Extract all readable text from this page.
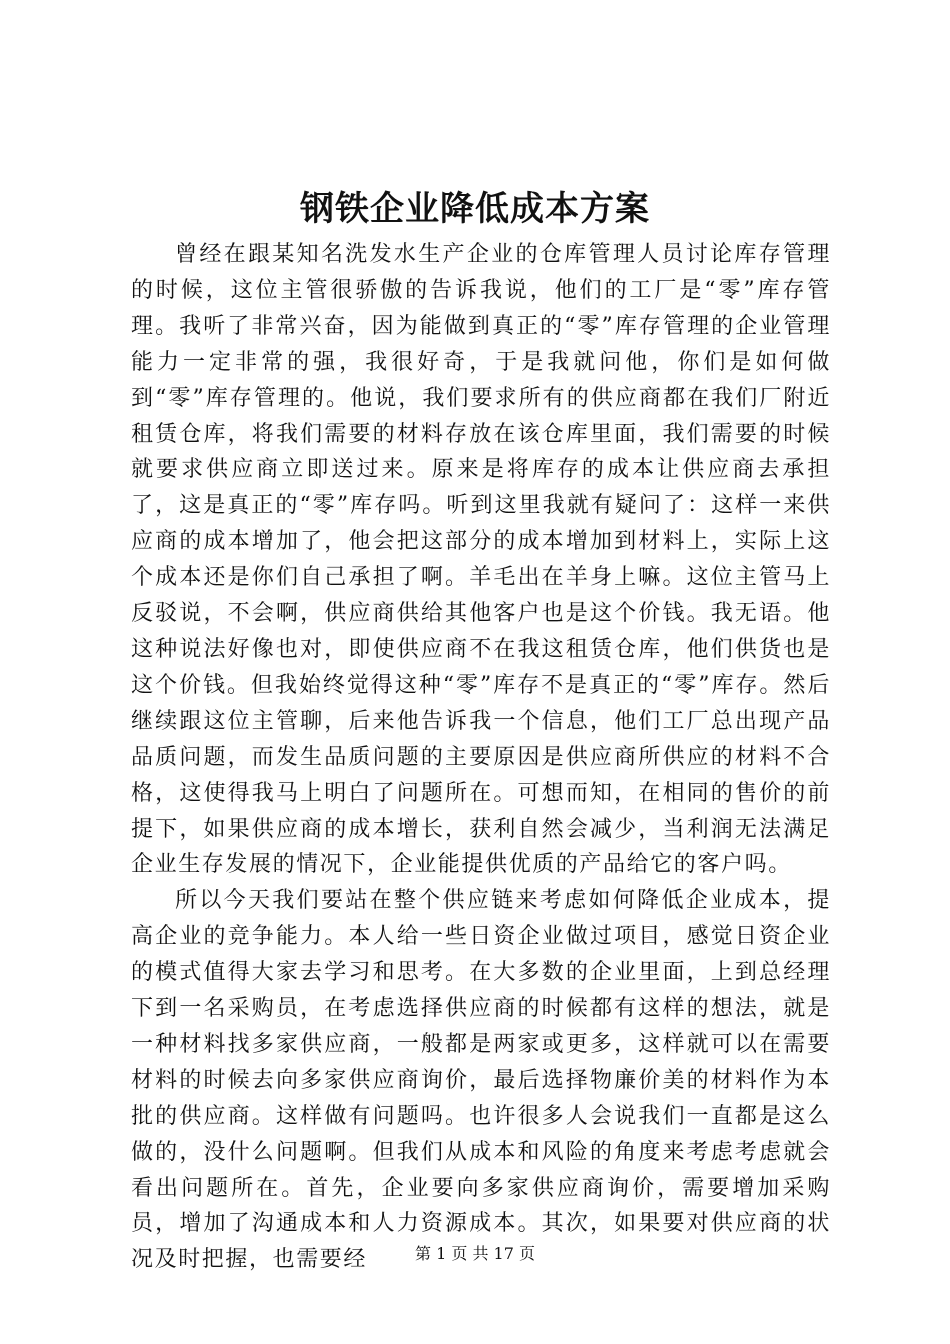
钢铁企业降低成本方案

曾经在跟某知名洗发水生产企业的仓库管理人员讨论库存管理的时候，这位主管很骄傲的告诉我说，他们的工厂是“零”库存管理。我听了非常兴奋，因为能做到真正的“零”库存管理的企业管理能力一定非常的强，我很好奇，于是我就问他，你们是如何做到“零”库存管理的。他说，我们要求所有的供应商都在我们厂附近租赁仓库，将我们需要的材料存放在该仓库里面，我们需要的时候就要求供应商立即送过来。原来是将库存的成本让供应商去承担了，这是真正的“零”库存吗。听到这里我就有疑问了：这样一来供应商的成本增加了，他会把这部分的成本增加到材料上，实际上这个成本还是你们自己承担了啊。羊毛出在羊身上嘛。这位主管马上反驳说，不会啊，供应商供给其他客户也是这个价钱。我无语。他这种说法好像也对，即使供应商不在我这租赁仓库，他们供货也是这个价钱。但我始终觉得这种“零”库存不是真正的“零”库存。然后继续跟这位主管聊，后来他告诉我一个信息，他们工厂总出现产品品质问题，而发生品质问题的主要原因是供应商所供应的材料不合格，这使得我马上明白了问题所在。可想而知，在相同的售价的前提下，如果供应商的成本增长，获利自然会减少，当利润无法满足企业生存发展的情况下，企业能提供优质的产品给它的客户吗。

所以今天我们要站在整个供应链来考虑如何降低企业成本，提高企业的竞争能力。本人给一些日资企业做过项目，感觉日资企业的模式值得大家去学习和思考。在大多数的企业里面，上到总经理下到一名采购员，在考虑选择供应商的时候都有这样的想法，就是一种材料找多家供应商，一般都是两家或更多，这样就可以在需要材料的时候去向多家供应商询价，最后选择物廉价美的材料作为本批的供应商。这样做有问题吗。也许很多人会说我们一直都是这么做的，没什么问题啊。但我们从成本和风险的角度来考虑考虑就会看出问题所在。首先，企业要向多家供应商询价，需要增加采购员，增加了沟通成本和人力资源成本。其次，如果要对供应商的状况及时把握，也需要经	第 1 页 共 17 页
